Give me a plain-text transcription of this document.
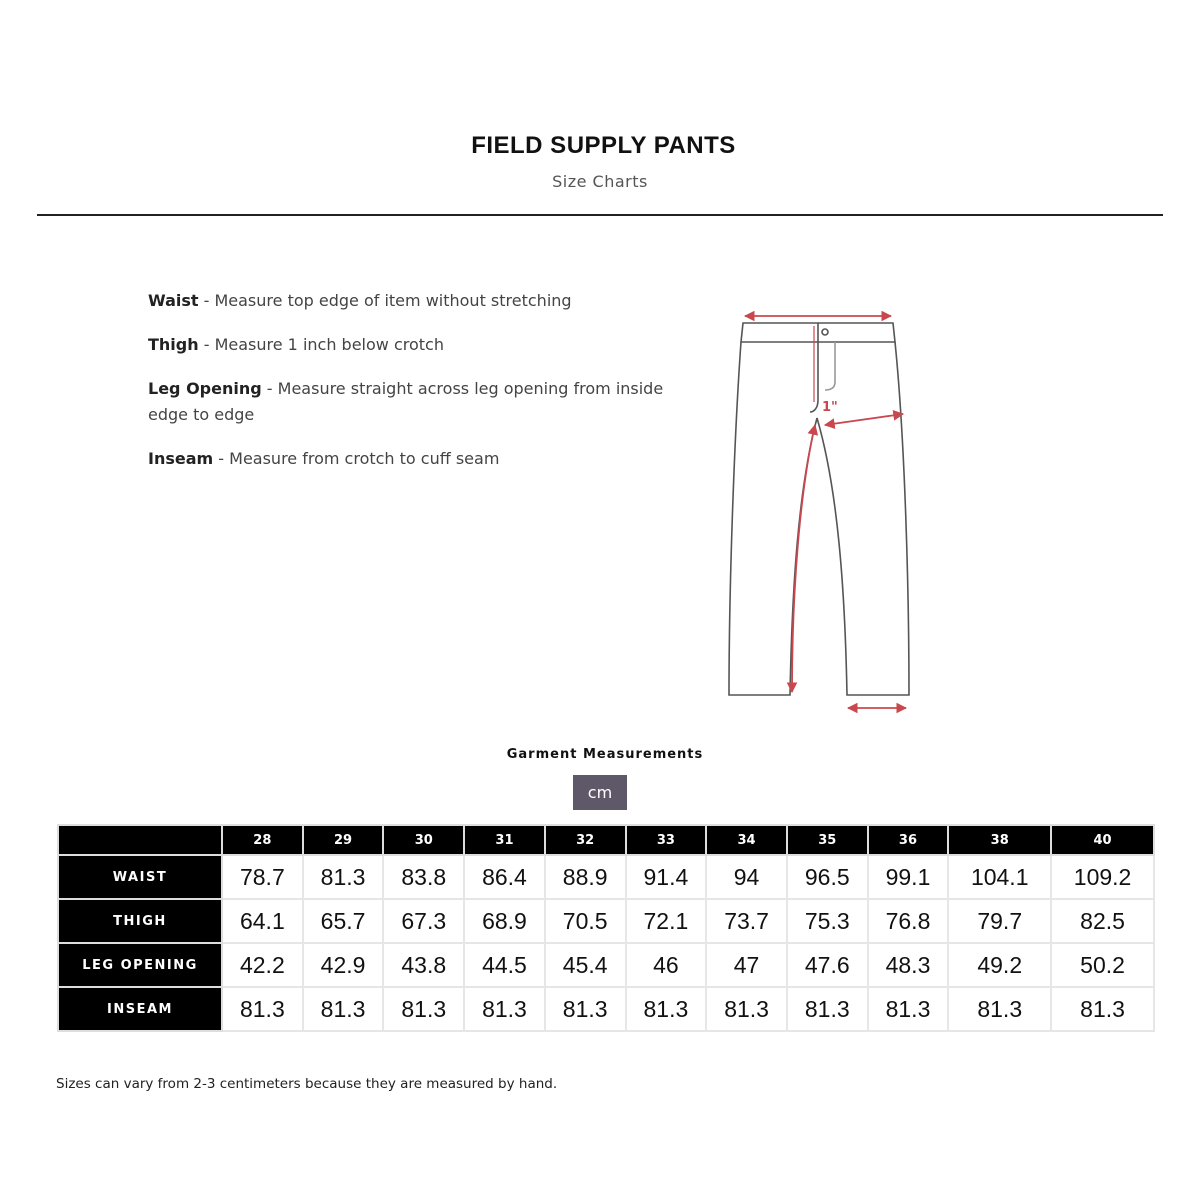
FIELD SUPPLY PANTS
Size Charts

Waist - Measure top edge of item without stretching

Thigh - Measure 1 inch below crotch

Leg Opening - Measure straight across leg opening from inside edge to edge

Inseam - Measure from crotch to cuff seam

1"
Garment Measurements
cm
	28	29	30	31	32	33	34	35	36	38	40
WAIST	78.7	81.3	83.8	86.4	88.9	91.4	94	96.5	99.1	104.1	109.2
THIGH	64.1	65.7	67.3	68.9	70.5	72.1	73.7	75.3	76.8	79.7	82.5
LEG OPENING	42.2	42.9	43.8	44.5	45.4	46	47	47.6	48.3	49.2	50.2
INSEAM	81.3	81.3	81.3	81.3	81.3	81.3	81.3	81.3	81.3	81.3	81.3
Sizes can vary from 2-3 centimeters because they are measured by hand.
